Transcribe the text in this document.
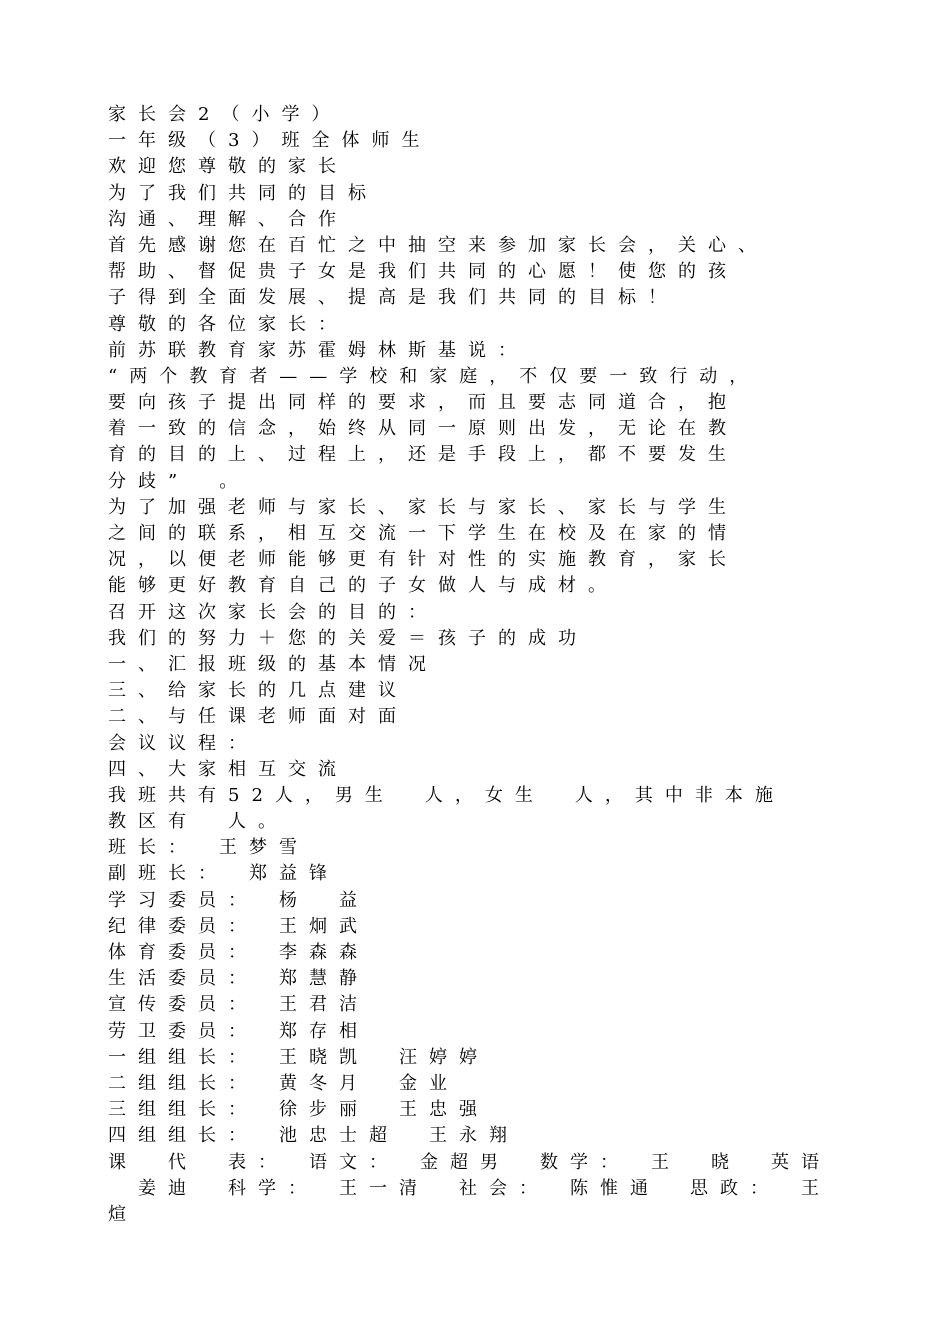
家长会2（小学）
一年级（3）班全体师生
欢迎您尊敬的家长
为了我们共同的目标
沟通、理解、合作
首先感谢您在百忙之中抽空来参加家长会，关心、
帮助、督促贵子女是我们共同的心愿！使您的孩
子得到全面发展、提高是我们共同的目标！
尊敬的各位家长：
前苏联教育家苏霍姆林斯基说：
“两个教育者——学校和家庭，不仅要一致行动，
要向孩子提出同样的要求，而且要志同道合，抱
着一致的信念，始终从同一原则出发，无论在教
育的目的上、过程上，还是手段上，都不要发生
分歧”　。
为了加强老师与家长、家长与家长、家长与学生
之间的联系，相互交流一下学生在校及在家的情
况，以便老师能够更有针对性的实施教育，家长
能够更好教育自己的子女做人与成材。
召开这次家长会的目的：
我们的努力＋您的关爱＝孩子的成功
一、汇报班级的基本情况
三、给家长的几点建议
二、与任课老师面对面
会议议程：
四、大家相互交流
我班共有52人，男生　人，女生　人，其中非本施
教区有　人。
班长：　王梦雪
副班长：　郑益锋
学习委员：　杨　益
纪律委员：　王炯武
体育委员：　李森森
生活委员：　郑慧静
宣传委员：　王君洁
劳卫委员：　郑存相
一组组长：　王晓凯　汪婷婷
二组组长：　黄冬月　金业
三组组长：　徐步丽　王忠强
四组组长：　池忠士超　王永翔
课　代　表：　语文：　金超男　数学：　王　晓　英语
　姜迪　科学：　王一清　社会：　陈惟通　思政：　王
煊
